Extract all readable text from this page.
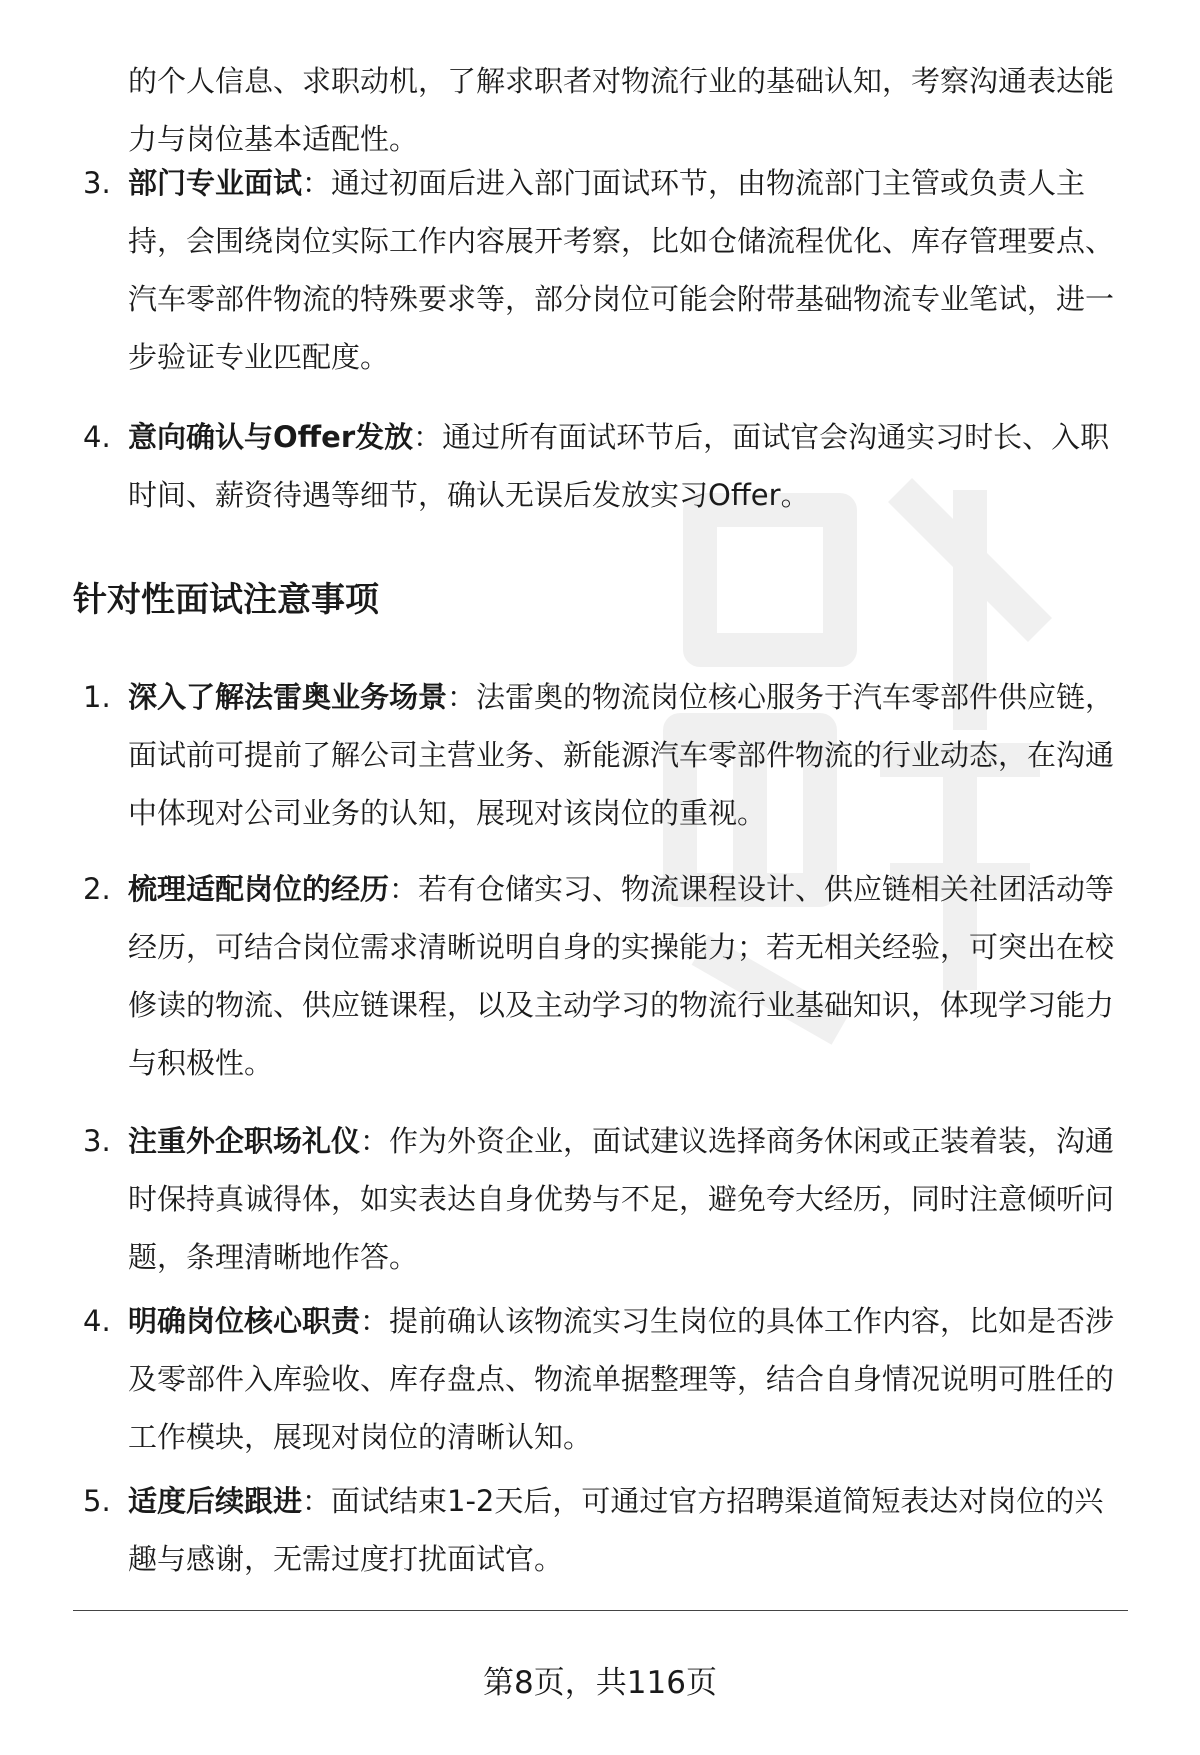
的个人信息、求职动机，了解求职者对物流行业的基础认知，考察沟通表达能

力与岗位基本适配性。

3. 部门专业面试：通过初面后进入部门面试环节，由物流部门主管或负责人主

持，会围绕岗位实际工作内容展开考察，比如仓储流程优化、库存管理要点、

汽车零部件物流的特殊要求等，部分岗位可能会附带基础物流专业笔试，进一

步验证专业匹配度。

4. 意向确认与Offer发放：通过所有面试环节后，面试官会沟通实习时长、入职

时间、薪资待遇等细节，确认无误后发放实习Offer。

针对性面试注意事项
1. 深入了解法雷奥业务场景：法雷奥的物流岗位核心服务于汽车零部件供应链，

面试前可提前了解公司主营业务、新能源汽车零部件物流的行业动态，在沟通

中体现对公司业务的认知，展现对该岗位的重视。

2. 梳理适配岗位的经历：若有仓储实习、物流课程设计、供应链相关社团活动等

经历，可结合岗位需求清晰说明自身的实操能力；若无相关经验，可突出在校

修读的物流、供应链课程，以及主动学习的物流行业基础知识，体现学习能力

与积极性。

3. 注重外企职场礼仪：作为外资企业，面试建议选择商务休闲或正装着装，沟通

时保持真诚得体，如实表达自身优势与不足，避免夸大经历，同时注意倾听问

题，条理清晰地作答。

4. 明确岗位核心职责：提前确认该物流实习生岗位的具体工作内容，比如是否涉

及零部件入库验收、库存盘点、物流单据整理等，结合自身情况说明可胜任的

工作模块，展现对岗位的清晰认知。

5. 适度后续跟进：面试结束1-2天后，可通过官方招聘渠道简短表达对岗位的兴

趣与感谢，无需过度打扰面试官。

第8页，共116页
